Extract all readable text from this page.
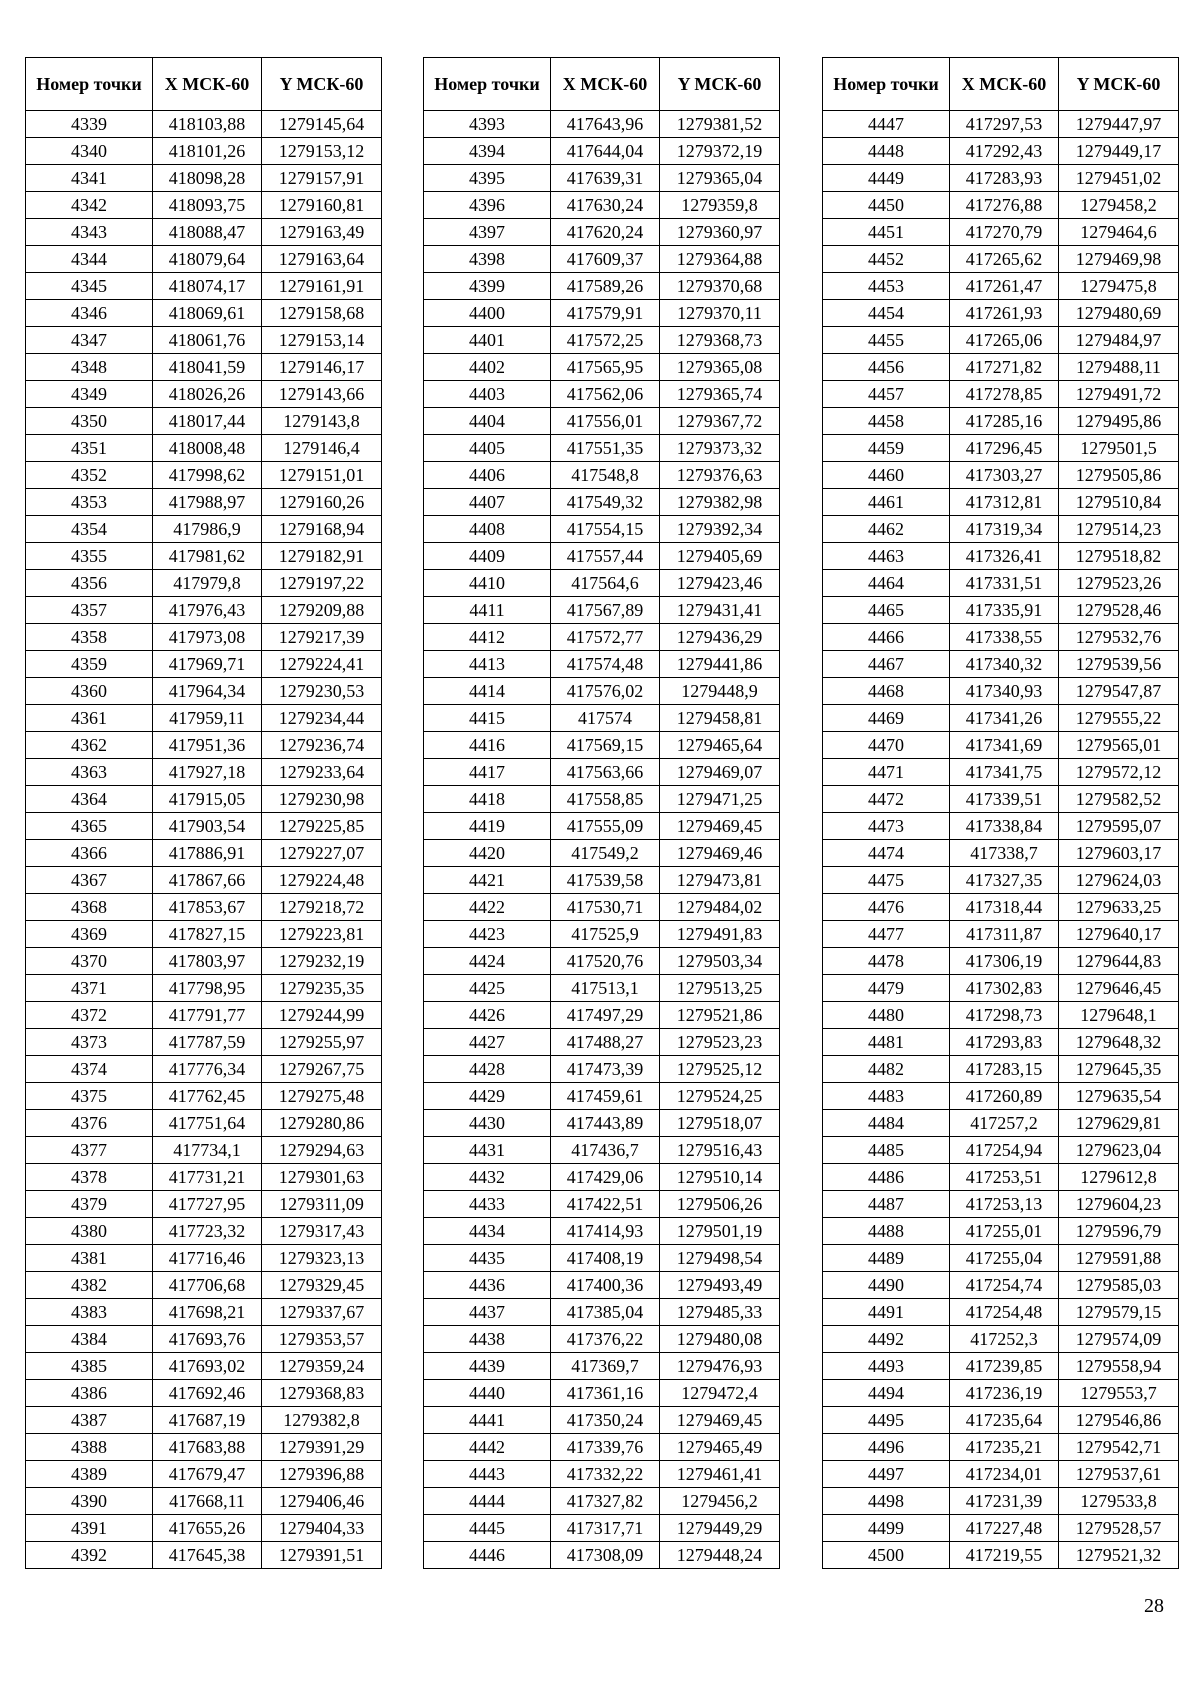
Номер точки	X МСК-60	Y МСК-60
4339	418103,88	1279145,64
4340	418101,26	1279153,12
4341	418098,28	1279157,91
4342	418093,75	1279160,81
4343	418088,47	1279163,49
4344	418079,64	1279163,64
4345	418074,17	1279161,91
4346	418069,61	1279158,68
4347	418061,76	1279153,14
4348	418041,59	1279146,17
4349	418026,26	1279143,66
4350	418017,44	1279143,8
4351	418008,48	1279146,4
4352	417998,62	1279151,01
4353	417988,97	1279160,26
4354	417986,9	1279168,94
4355	417981,62	1279182,91
4356	417979,8	1279197,22
4357	417976,43	1279209,88
4358	417973,08	1279217,39
4359	417969,71	1279224,41
4360	417964,34	1279230,53
4361	417959,11	1279234,44
4362	417951,36	1279236,74
4363	417927,18	1279233,64
4364	417915,05	1279230,98
4365	417903,54	1279225,85
4366	417886,91	1279227,07
4367	417867,66	1279224,48
4368	417853,67	1279218,72
4369	417827,15	1279223,81
4370	417803,97	1279232,19
4371	417798,95	1279235,35
4372	417791,77	1279244,99
4373	417787,59	1279255,97
4374	417776,34	1279267,75
4375	417762,45	1279275,48
4376	417751,64	1279280,86
4377	417734,1	1279294,63
4378	417731,21	1279301,63
4379	417727,95	1279311,09
4380	417723,32	1279317,43
4381	417716,46	1279323,13
4382	417706,68	1279329,45
4383	417698,21	1279337,67
4384	417693,76	1279353,57
4385	417693,02	1279359,24
4386	417692,46	1279368,83
4387	417687,19	1279382,8
4388	417683,88	1279391,29
4389	417679,47	1279396,88
4390	417668,11	1279406,46
4391	417655,26	1279404,33
4392	417645,38	1279391,51
Номер точки	X МСК-60	Y МСК-60
4393	417643,96	1279381,52
4394	417644,04	1279372,19
4395	417639,31	1279365,04
4396	417630,24	1279359,8
4397	417620,24	1279360,97
4398	417609,37	1279364,88
4399	417589,26	1279370,68
4400	417579,91	1279370,11
4401	417572,25	1279368,73
4402	417565,95	1279365,08
4403	417562,06	1279365,74
4404	417556,01	1279367,72
4405	417551,35	1279373,32
4406	417548,8	1279376,63
4407	417549,32	1279382,98
4408	417554,15	1279392,34
4409	417557,44	1279405,69
4410	417564,6	1279423,46
4411	417567,89	1279431,41
4412	417572,77	1279436,29
4413	417574,48	1279441,86
4414	417576,02	1279448,9
4415	417574	1279458,81
4416	417569,15	1279465,64
4417	417563,66	1279469,07
4418	417558,85	1279471,25
4419	417555,09	1279469,45
4420	417549,2	1279469,46
4421	417539,58	1279473,81
4422	417530,71	1279484,02
4423	417525,9	1279491,83
4424	417520,76	1279503,34
4425	417513,1	1279513,25
4426	417497,29	1279521,86
4427	417488,27	1279523,23
4428	417473,39	1279525,12
4429	417459,61	1279524,25
4430	417443,89	1279518,07
4431	417436,7	1279516,43
4432	417429,06	1279510,14
4433	417422,51	1279506,26
4434	417414,93	1279501,19
4435	417408,19	1279498,54
4436	417400,36	1279493,49
4437	417385,04	1279485,33
4438	417376,22	1279480,08
4439	417369,7	1279476,93
4440	417361,16	1279472,4
4441	417350,24	1279469,45
4442	417339,76	1279465,49
4443	417332,22	1279461,41
4444	417327,82	1279456,2
4445	417317,71	1279449,29
4446	417308,09	1279448,24
Номер точки	X МСК-60	Y МСК-60
4447	417297,53	1279447,97
4448	417292,43	1279449,17
4449	417283,93	1279451,02
4450	417276,88	1279458,2
4451	417270,79	1279464,6
4452	417265,62	1279469,98
4453	417261,47	1279475,8
4454	417261,93	1279480,69
4455	417265,06	1279484,97
4456	417271,82	1279488,11
4457	417278,85	1279491,72
4458	417285,16	1279495,86
4459	417296,45	1279501,5
4460	417303,27	1279505,86
4461	417312,81	1279510,84
4462	417319,34	1279514,23
4463	417326,41	1279518,82
4464	417331,51	1279523,26
4465	417335,91	1279528,46
4466	417338,55	1279532,76
4467	417340,32	1279539,56
4468	417340,93	1279547,87
4469	417341,26	1279555,22
4470	417341,69	1279565,01
4471	417341,75	1279572,12
4472	417339,51	1279582,52
4473	417338,84	1279595,07
4474	417338,7	1279603,17
4475	417327,35	1279624,03
4476	417318,44	1279633,25
4477	417311,87	1279640,17
4478	417306,19	1279644,83
4479	417302,83	1279646,45
4480	417298,73	1279648,1
4481	417293,83	1279648,32
4482	417283,15	1279645,35
4483	417260,89	1279635,54
4484	417257,2	1279629,81
4485	417254,94	1279623,04
4486	417253,51	1279612,8
4487	417253,13	1279604,23
4488	417255,01	1279596,79
4489	417255,04	1279591,88
4490	417254,74	1279585,03
4491	417254,48	1279579,15
4492	417252,3	1279574,09
4493	417239,85	1279558,94
4494	417236,19	1279553,7
4495	417235,64	1279546,86
4496	417235,21	1279542,71
4497	417234,01	1279537,61
4498	417231,39	1279533,8
4499	417227,48	1279528,57
4500	417219,55	1279521,32
28
